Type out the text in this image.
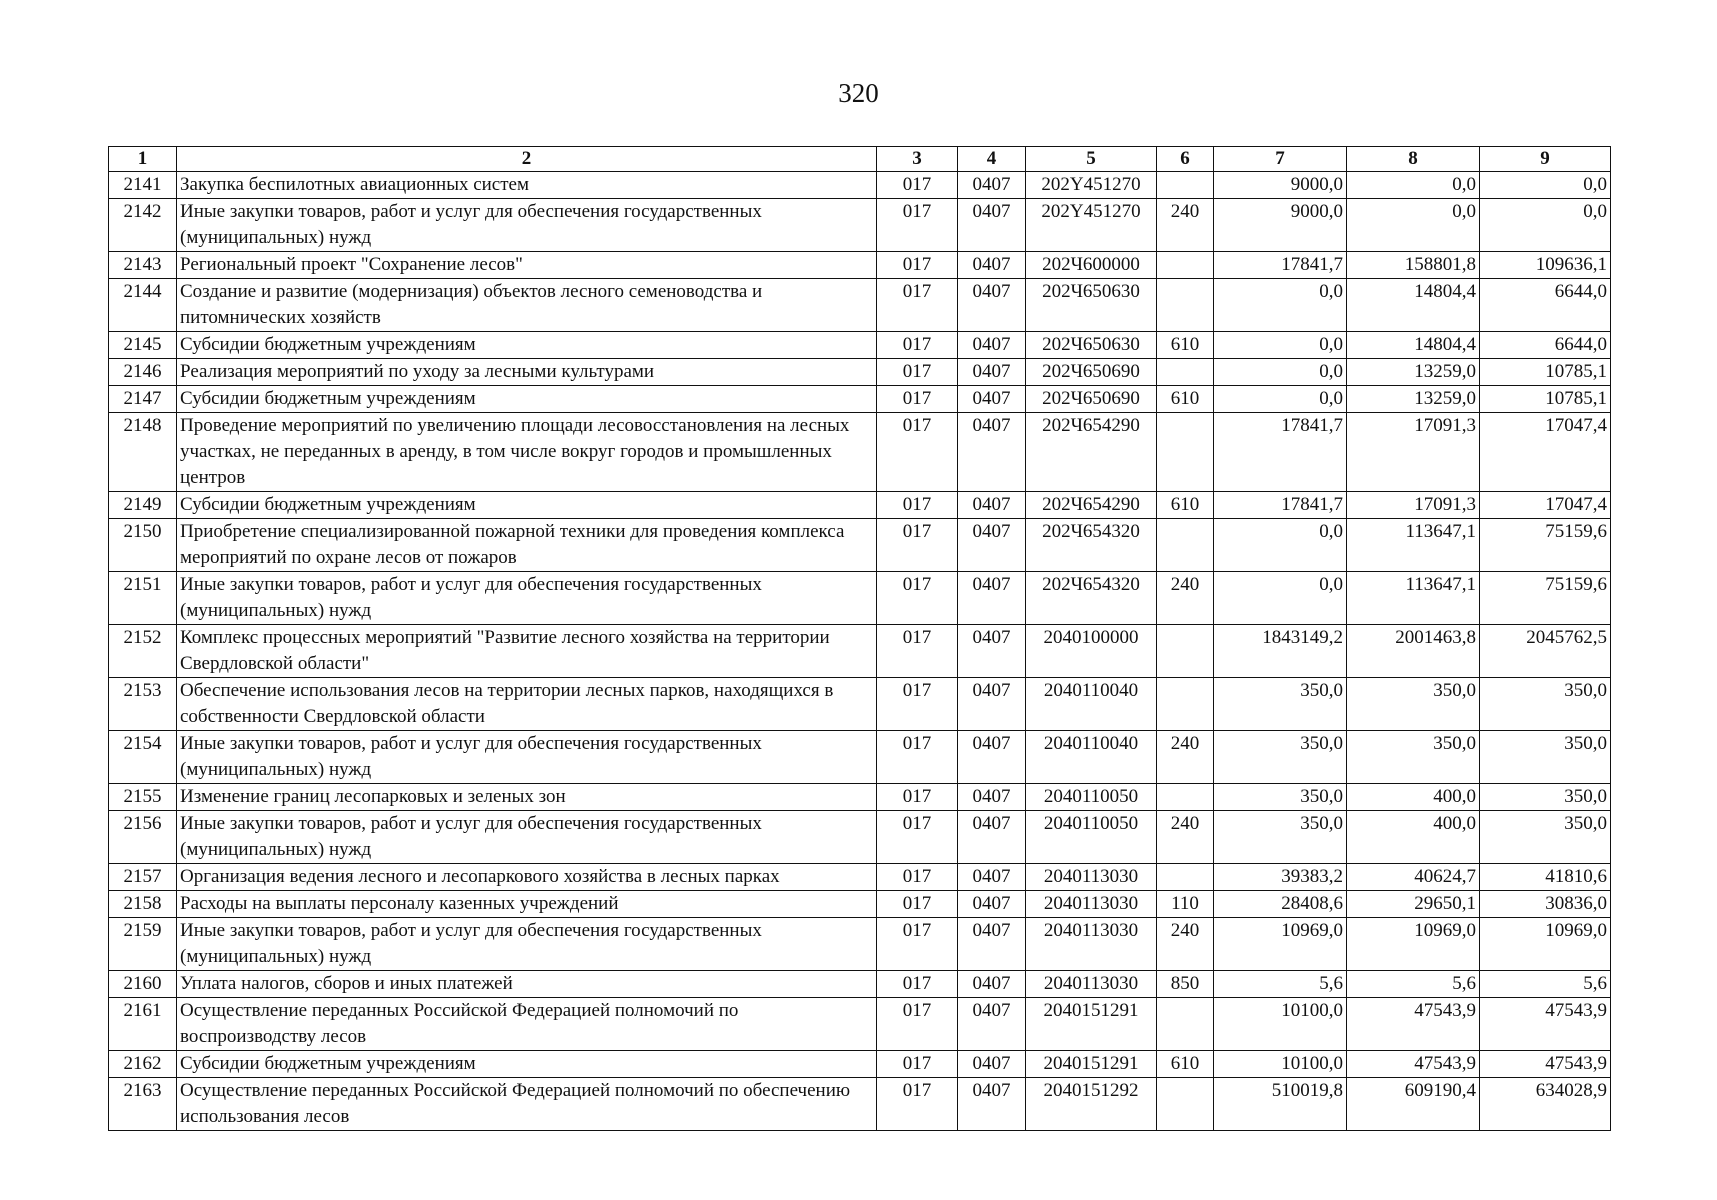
320
1	2	3	4	5	6	7	8	9
2141	Закупка беспилотных авиационных систем	017	0407	202Y451270		9000,0	0,0	0,0
2142	Иные закупки товаров, работ и услуг для обеспечения государственных (муниципальных) нужд	017	0407	202Y451270	240	9000,0	0,0	0,0
2143	Региональный проект "Сохранение лесов"	017	0407	202Ч600000		17841,7	158801,8	109636,1
2144	Создание и развитие (модернизация) объектов лесного семеноводства и питомнических хозяйств	017	0407	202Ч650630		0,0	14804,4	6644,0
2145	Субсидии бюджетным учреждениям	017	0407	202Ч650630	610	0,0	14804,4	6644,0
2146	Реализация мероприятий по уходу за лесными культурами	017	0407	202Ч650690		0,0	13259,0	10785,1
2147	Субсидии бюджетным учреждениям	017	0407	202Ч650690	610	0,0	13259,0	10785,1
2148	Проведение мероприятий по увеличению площади лесовосстановления на лесных участках, не переданных в аренду, в том числе вокруг городов и промышленных центров	017	0407	202Ч654290		17841,7	17091,3	17047,4
2149	Субсидии бюджетным учреждениям	017	0407	202Ч654290	610	17841,7	17091,3	17047,4
2150	Приобретение специализированной пожарной техники для проведения комплекса мероприятий по охране лесов от пожаров	017	0407	202Ч654320		0,0	113647,1	75159,6
2151	Иные закупки товаров, работ и услуг для обеспечения государственных (муниципальных) нужд	017	0407	202Ч654320	240	0,0	113647,1	75159,6
2152	Комплекс процессных мероприятий "Развитие лесного хозяйства на территории Свердловской области"	017	0407	2040100000		1843149,2	2001463,8	2045762,5
2153	Обеспечение использования лесов на территории лесных парков, находящихся в собственности Свердловской области	017	0407	2040110040		350,0	350,0	350,0
2154	Иные закупки товаров, работ и услуг для обеспечения государственных (муниципальных) нужд	017	0407	2040110040	240	350,0	350,0	350,0
2155	Изменение границ лесопарковых и зеленых зон	017	0407	2040110050		350,0	400,0	350,0
2156	Иные закупки товаров, работ и услуг для обеспечения государственных (муниципальных) нужд	017	0407	2040110050	240	350,0	400,0	350,0
2157	Организация ведения лесного и лесопаркового хозяйства в лесных парках	017	0407	2040113030		39383,2	40624,7	41810,6
2158	Расходы на выплаты персоналу казенных учреждений	017	0407	2040113030	110	28408,6	29650,1	30836,0
2159	Иные закупки товаров, работ и услуг для обеспечения государственных (муниципальных) нужд	017	0407	2040113030	240	10969,0	10969,0	10969,0
2160	Уплата налогов, сборов и иных платежей	017	0407	2040113030	850	5,6	5,6	5,6
2161	Осуществление переданных Российской Федерацией полномочий по воспроизводству лесов	017	0407	2040151291		10100,0	47543,9	47543,9
2162	Субсидии бюджетным учреждениям	017	0407	2040151291	610	10100,0	47543,9	47543,9
2163	Осуществление переданных Российской Федерацией полномочий по обеспечению использования лесов	017	0407	2040151292		510019,8	609190,4	634028,9
